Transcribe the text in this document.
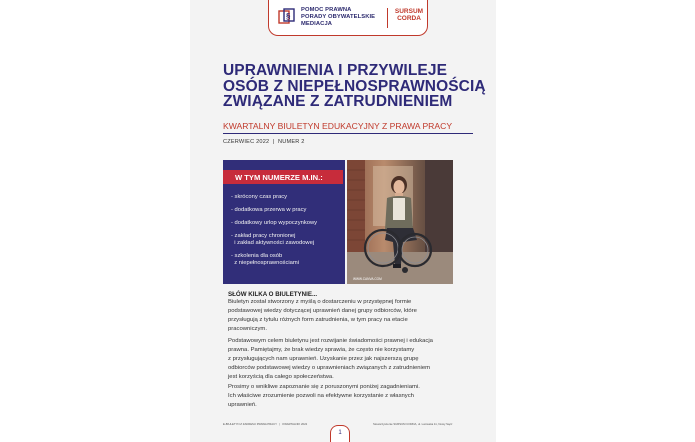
§
POMOC PRAWNA
PORADY OBYWATELSKIE
MEDIACJA
SURSUM
CORDA
UPRAWNIENIA I PRZYWILEJE
OSÓB Z NIEPEŁNOSPRAWNOŚCIĄ
ZWIĄZANE Z ZATRUDNIENIEM
KWARTALNY BIULETYN EDUKACYJNY Z PRAWA PRACY
CZERWIEC 2022  |  NUMER 2
W TYM NUMERZE M.IN.:
- skrócony czas pracy
- dodatkowa przerwa w pracy
- dodatkowy urlop wypoczynkowy
- zakład pracy chronionej
i zakład aktywności zawodowej
- szkolenia dla osób
z niepełnosprawnościami
WWW.CANVA.COM
SŁÓW KILKA O BIULETYNIE...
Biuletyn został stworzony z myślą o dostarczeniu w przystępnej formie
podstawowej wiedzy dotyczącej uprawnień danej grupy odbiorców, które
przysługują z tytułu różnych form zatrudnienia, w tym pracy na etacie
pracowniczym.
Podstawowym celem biuletynu jest rozwijanie świadomości prawnej i edukacja
prawna. Pamiętajmy, że brak wiedzy sprawia, że często nie korzystamy
z przysługujących nam uprawnień. Uzyskanie przez jak najszerszą grupę
odbiorców podstawowej wiedzy o uprawnieniach związanych z zatrudnieniem
jest korzyścią dla całego społeczeństwa.
Prosimy o wnikliwe zapoznanie się z poruszonymi poniżej zagadnieniami.
Ich właściwe zrozumienie pozwoli na efektywne korzystanie z własnych
uprawnień.
E-BIULETYN Z ZAKRESU PRAWA PRACY   |   KWARTALNIK 2022
1
Stowarzyszenie SURSUM CORDA, ul. Lwowska 11, Nowy Sącz
